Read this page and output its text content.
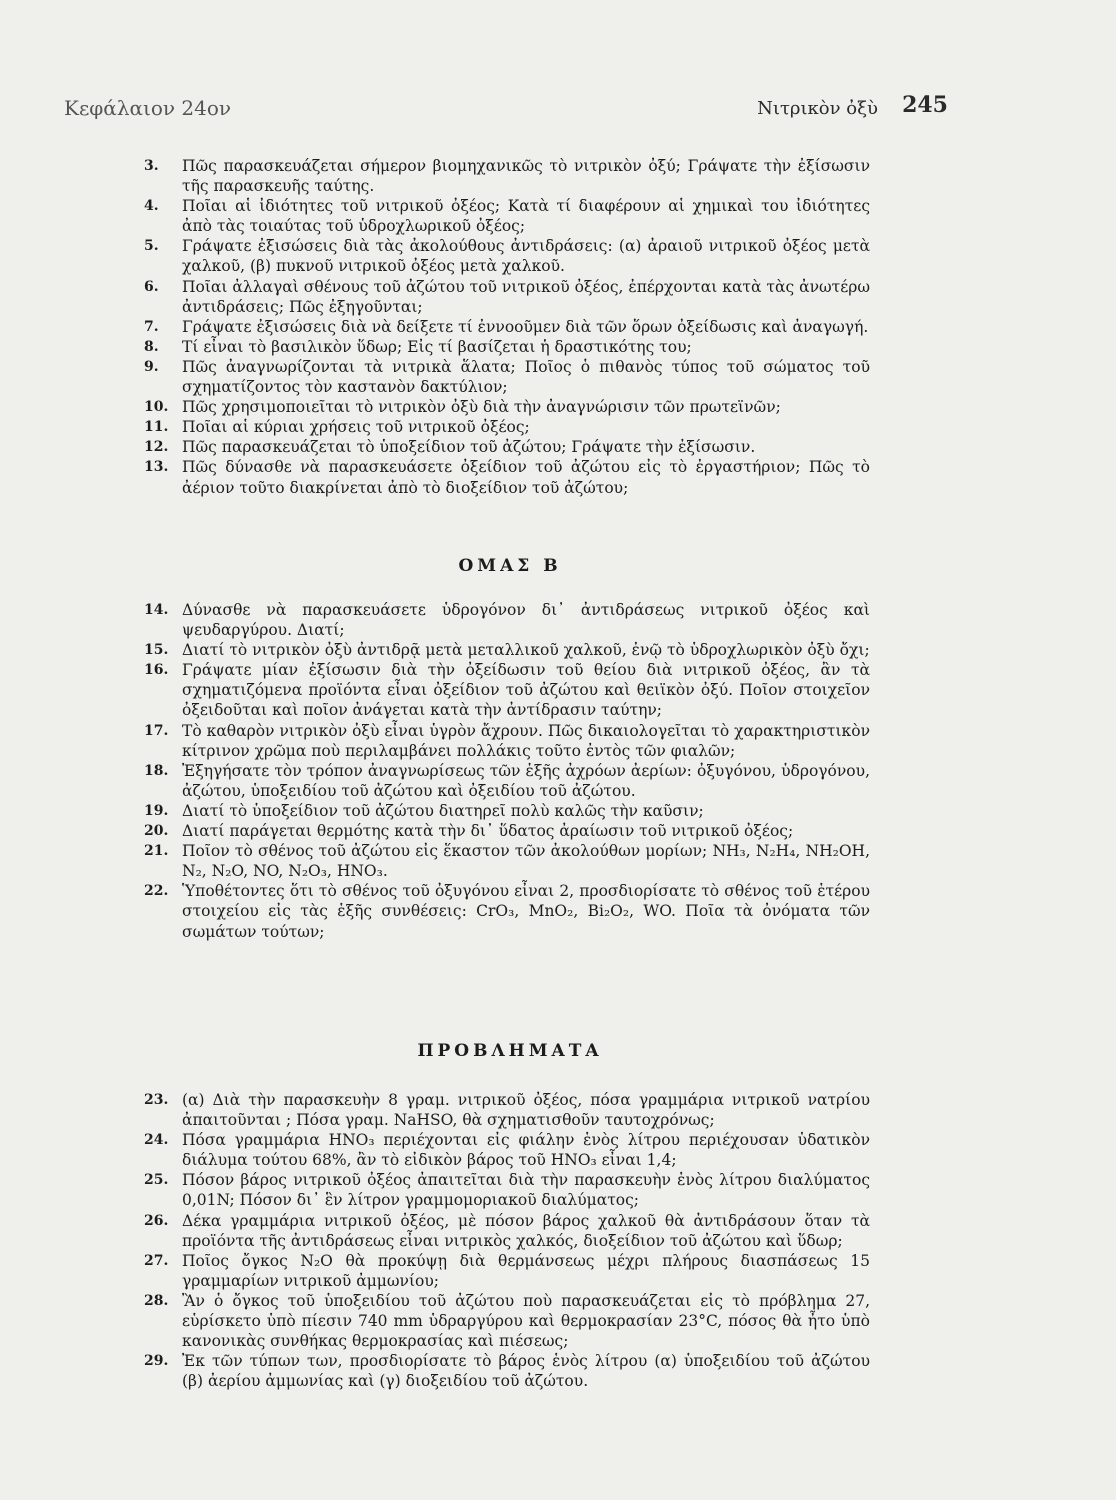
Κεφάλαιον 24ον	Νιτρικὸν ὀξὺ 245
3. Πῶς παρασκευάζεται σήμερον βιομηχανικῶς τὸ νιτρικὸν ὀξύ; Γράψατε τὴν ἐξίσωσιν τῆς παρασκευῆς ταύτης.
4. Ποῖαι αἱ ἰδιότητες τοῦ νιτρικοῦ ὀξέος; Κατὰ τί διαφέρουν αἱ χημικαὶ του ἰδιότητες ἀπὸ τὰς τοιαύτας τοῦ ὑδροχλωρικοῦ ὀξέος;
5. Γράψατε ἐξισώσεις διὰ τὰς ἀκολούθους ἀντιδράσεις: (α) ἀραιοῦ νιτρικοῦ ὀξέος μετὰ χαλκοῦ, (β) πυκνοῦ νιτρικοῦ ὀξέος μετὰ χαλκοῦ.
6. Ποῖαι ἀλλαγαὶ σθένους τοῦ ἀζώτου τοῦ νιτρικοῦ ὀξέος, ἐπέρχονται κατὰ τὰς ἀνωτέρω ἀντιδράσεις; Πῶς ἐξηγοῦνται;
7. Γράψατε ἐξισώσεις διὰ νὰ δείξετε τί ἐννοοῦμεν διὰ τῶν ὅρων ὀξείδωσις καὶ ἀναγωγή.
8. Τί εἶναι τὸ βασιλικὸν ὕδωρ; Εἰς τί βασίζεται ἡ δραστικότης του;
9. Πῶς ἀναγνωρίζονται τὰ νιτρικὰ ἅλατα; Ποῖος ὁ πιθανὸς τύπος τοῦ σώματος τοῦ σχηματίζοντος τὸν καστανὸν δακτύλιον;
10. Πῶς χρησιμοποιεῖται τὸ νιτρικὸν ὀξὺ διὰ τὴν ἀναγνώρισιν τῶν πρωτεϊνῶν;
11. Ποῖαι αἱ κύριαι χρήσεις τοῦ νιτρικοῦ ὀξέος;
12. Πῶς παρασκευάζεται τὸ ὑποξείδιον τοῦ ἀζώτου; Γράψατε τὴν ἐξίσωσιν.
13. Πῶς δύνασθε νὰ παρασκευάσετε ὀξείδιον τοῦ ἀζώτου εἰς τὸ ἐργαστήριον; Πῶς τὸ ἀέριον τοῦτο διακρίνεται ἀπὸ τὸ διοξείδιον τοῦ ἀζώτου;
ΟΜΑΣ Β
14. Δύνασθε νὰ παρασκευάσετε ὑδρογόνον δι᾽ ἀντιδράσεως νιτρικοῦ ὀξέος καὶ ψευδαργύρου. Διατί;
15. Διατί τὸ νιτρικὸν ὀξὺ ἀντιδρᾷ μετὰ μεταλλικοῦ χαλκοῦ, ἐνῷ τὸ ὑδροχλωρικὸν ὀξὺ ὄχι;
16. Γράψατε μίαν ἐξίσωσιν διὰ τὴν ὀξείδωσιν τοῦ θείου διὰ νιτρικοῦ ὀξέος, ἂν τὰ σχηματιζόμενα προϊόντα εἶναι ὀξείδιον τοῦ ἀζώτου καὶ θειϊκὸν ὀξύ. Ποῖον στοιχεῖον ὀξειδοῦται καὶ ποῖον ἀνάγεται κατὰ τὴν ἀντίδρασιν ταύτην;
17. Τὸ καθαρὸν νιτρικὸν ὀξὺ εἶναι ὑγρὸν ἄχρουν. Πῶς δικαιολογεῖται τὸ χαρακτηριστικὸν κίτρινον χρῶμα ποὺ περιλαμβάνει πολλάκις τοῦτο ἐντὸς τῶν φιαλῶν;
18. Ἐξηγήσατε τὸν τρόπον ἀναγνωρίσεως τῶν ἑξῆς ἀχρόων ἀερίων: ὀξυγόνου, ὑδρογόνου, ἀζώτου, ὑποξειδίου τοῦ ἀζώτου καὶ ὀξειδίου τοῦ ἀζώτου.
19. Διατί τὸ ὑποξείδιον τοῦ ἀζώτου διατηρεῖ πολὺ καλῶς τὴν καῦσιν;
20. Διατί παράγεται θερμότης κατὰ τὴν δι᾽ ὕδατος ἀραίωσιν τοῦ νιτρικοῦ ὀξέος;
21. Ποῖον τὸ σθένος τοῦ ἀζώτου εἰς ἕκαστον τῶν ἀκολούθων μορίων; NH₃, N₂H₄, NH₂OH, N₂, N₂O, NO, N₂O₃, HNO₃.
22. Ὑποθέτοντες ὅτι τὸ σθένος τοῦ ὀξυγόνου εἶναι 2, προσδιορίσατε τὸ σθένος τοῦ ἑτέρου στοιχείου εἰς τὰς ἑξῆς συνθέσεις: CrO₃, MnO₂, Bi₂O₂, WO. Ποῖα τὰ ὀνόματα τῶν σωμάτων τούτων;
ΠΡΟΒΛΗΜΑΤΑ
23. (α) Διὰ τὴν παρασκευὴν 8 γραμ. νιτρικοῦ ὀξέος, πόσα γραμμάρια νιτρικοῦ νατρίου ἀπαιτοῦνται ; Πόσα γραμ. NaHSO, θὰ σχηματισθοῦν ταυτοχρόνως;
24. Πόσα γραμμάρια HNO₃ περιέχονται εἰς φιάλην ἑνὸς λίτρου περιέχουσαν ὑδατικὸν διάλυμα τούτου 68%, ἂν τὸ εἰδικὸν βάρος τοῦ HNO₃ εἶναι 1,4;
25. Πόσον βάρος νιτρικοῦ ὀξέος ἀπαιτεῖται διὰ τὴν παρασκευὴν ἑνὸς λίτρου διαλύματος 0,01N; Πόσον δι᾽ ἓν λίτρον γραμμομοριακοῦ διαλύματος;
26. Δέκα γραμμάρια νιτρικοῦ ὀξέος, μὲ πόσον βάρος χαλκοῦ θὰ ἀντιδράσουν ὅταν τὰ προϊόντα τῆς ἀντιδράσεως εἶναι νιτρικὸς χαλκός, διοξείδιον τοῦ ἀζώτου καὶ ὕδωρ;
27. Ποῖος ὄγκος N₂O θὰ προκύψῃ διὰ θερμάνσεως μέχρι πλήρους διασπάσεως 15 γραμμαρίων νιτρικοῦ ἀμμωνίου;
28. Ἂν ὁ ὄγκος τοῦ ὑποξειδίου τοῦ ἀζώτου ποὺ παρασκευάζεται εἰς τὸ πρόβλημα 27, εὑρίσκετο ὑπὸ πίεσιν 740 mm ὑδραργύρου καὶ θερμοκρασίαν 23°C, πόσος θὰ ἦτο ὑπὸ κανονικὰς συνθήκας θερμοκρασίας καὶ πιέσεως;
29. Ἐκ τῶν τύπων των, προσδιορίσατε τὸ βάρος ἑνὸς λίτρου (α) ὑποξειδίου τοῦ ἀζώτου (β) ἀερίου ἀμμωνίας καὶ (γ) διοξειδίου τοῦ ἀζώτου.
